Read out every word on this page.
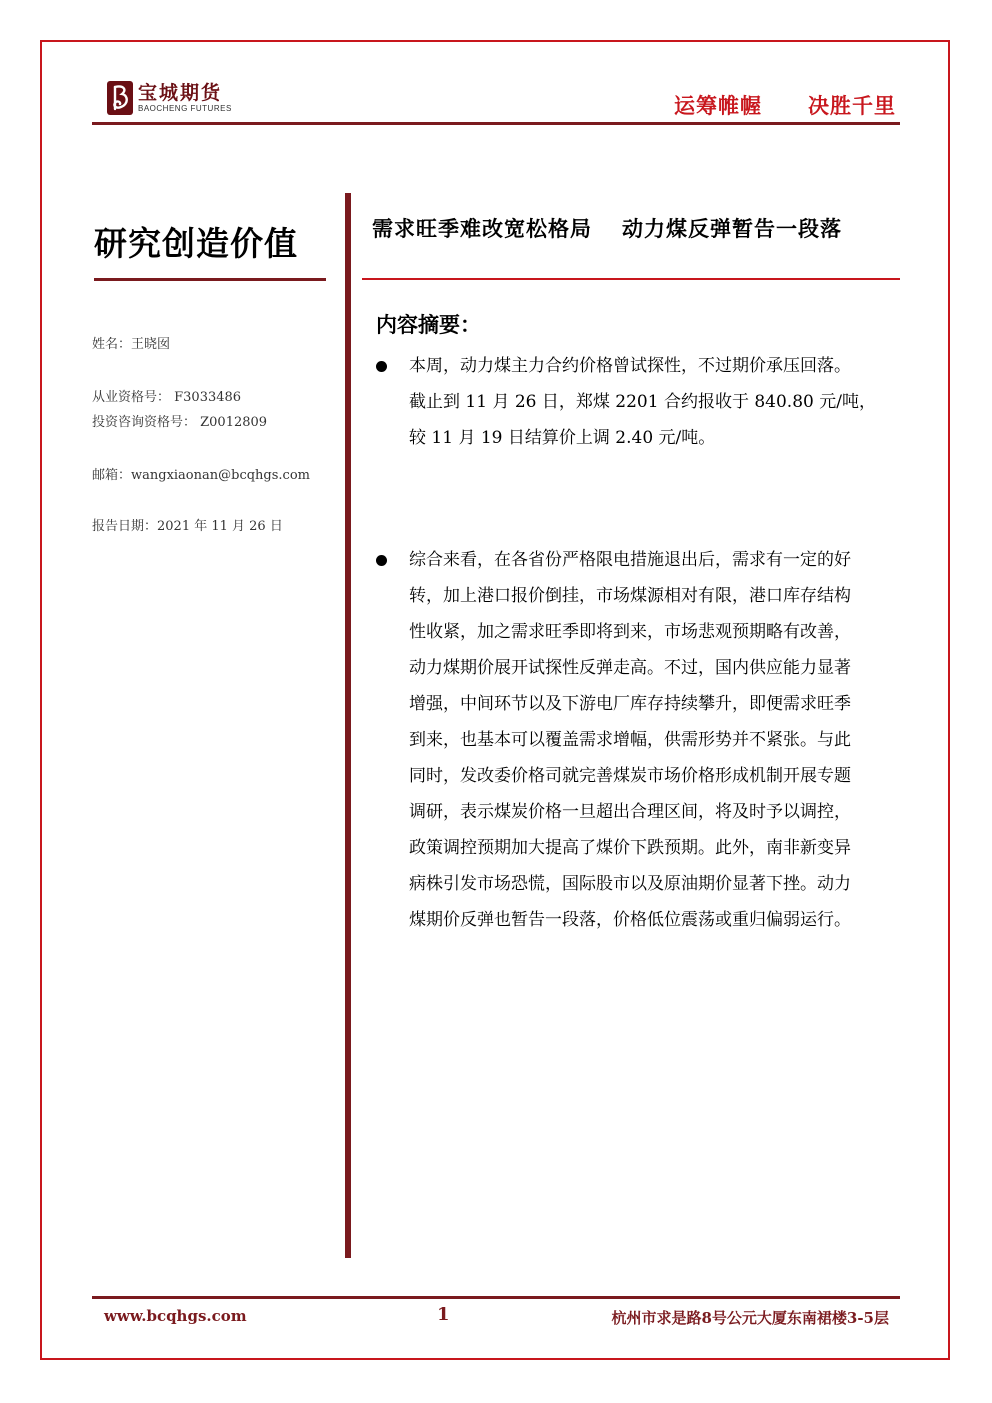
宝城期货
BAOCHENG FUTURES	运筹帷幄 决胜千里
研究创造价值
姓名：王晓囡
从业资格号： F3033486
投资咨询资格号： Z0012809
邮箱：wangxiaonan@bcqhgs.com
报告日期：2021 年 11 月 26 日
需求旺季难改宽松格局 动力煤反弹暂告一段落
内容摘要：
本周，动力煤主力合约价格曾试探性，不过期价承压回落。
截止到 11 月 26 日，郑煤 2201 合约报收于 840.80 元/吨，
较 11 月 19 日结算价上调 2.40 元/吨。
综合来看，在各省份严格限电措施退出后，需求有一定的好
转，加上港口报价倒挂，市场煤源相对有限，港口库存结构
性收紧，加之需求旺季即将到来，市场悲观预期略有改善，
动力煤期价展开试探性反弹走高。不过，国内供应能力显著
增强，中间环节以及下游电厂库存持续攀升，即便需求旺季
到来，也基本可以覆盖需求增幅，供需形势并不紧张。与此
同时，发改委价格司就完善煤炭市场价格形成机制开展专题
调研，表示煤炭价格一旦超出合理区间，将及时予以调控，
政策调控预期加大提高了煤价下跌预期。此外，南非新变异
病株引发市场恐慌，国际股市以及原油期价显著下挫。动力
煤期价反弹也暂告一段落，价格低位震荡或重归偏弱运行。
www.bcqhgs.com	1	杭州市求是路8号公元大厦东南裙楼3-5层
